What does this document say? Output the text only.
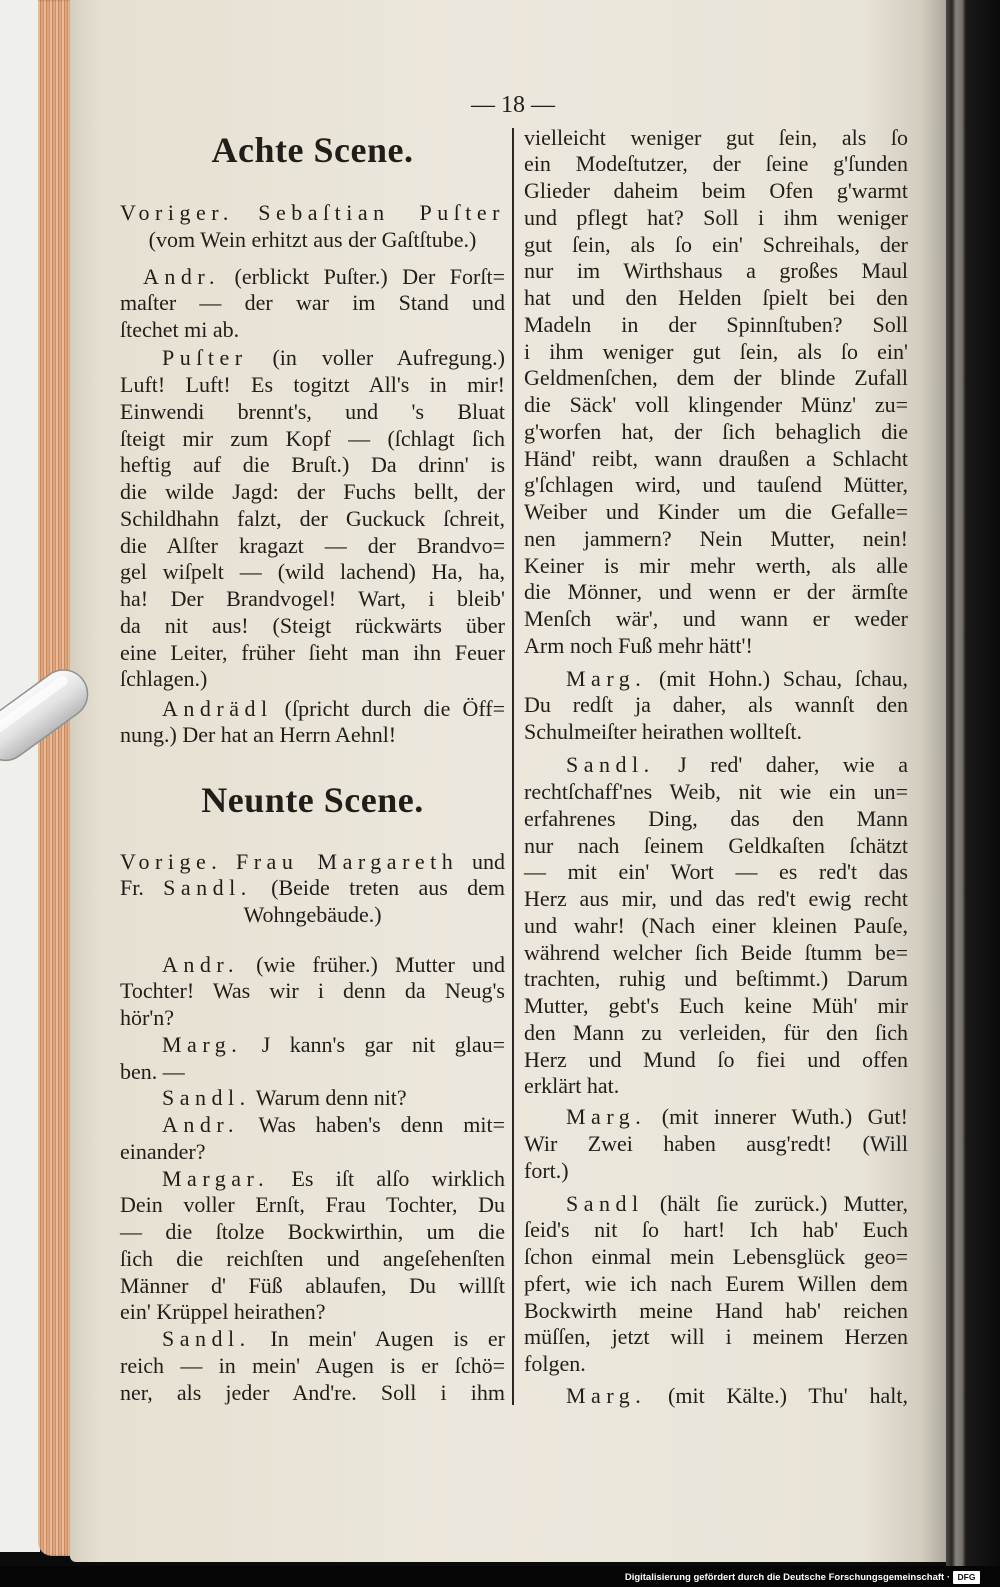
— 18 —
Achte Scene.
Voriger. Sebaſtian Puſter
(vom Wein erhitzt aus der Gaſtſtube.)
Andr. (erblickt Puſter.) Der Forſt=
maſter — der war im Stand und
ſtechet mi ab.
Puſter (in voller Aufregung.)
Luft! Luft! Es togitzt All's in mir!
Einwendi brennt's, und 's Bluat
ſteigt mir zum Kopf — (ſchlagt ſich
heftig auf die Bruſt.) Da drinn' is
die wilde Jagd: der Fuchs bellt, der
Schildhahn falzt, der Guckuck ſchreit,
die Alſter kragazt — der Brandvo=
gel wiſpelt — (wild lachend) Ha, ha,
ha! Der Brandvogel! Wart, i bleib'
da nit aus! (Steigt rückwärts über
eine Leiter, früher ſieht man ihn Feuer
ſchlagen.)
Andrädl (ſpricht durch die Öff=
nung.) Der hat an Herrn Aehnl!
Neunte Scene.
Vorige. Frau Margareth und
Fr. Sandl. (Beide treten aus dem
Wohngebäude.)
Andr. (wie früher.) Mutter und
Tochter! Was wir i denn da Neug's
hör'n?
Marg. J kann's gar nit glau=
ben. —
Sandl. Warum denn nit?
Andr. Was haben's denn mit=
einander?
Margar. Es iſt alſo wirklich
Dein voller Ernſt, Frau Tochter, Du
— die ſtolze Bockwirthin, um die
ſich die reichſten und angeſehenſten
Männer d' Füß ablaufen, Du willſt
ein' Krüppel heirathen?
Sandl. In mein' Augen is er
reich — in mein' Augen is er ſchö=
ner, als jeder And're. Soll i ihm
vielleicht weniger gut ſein, als ſo
ein Modeſtutzer, der ſeine g'ſunden
Glieder daheim beim Ofen g'warmt
und pflegt hat? Soll i ihm weniger
gut ſein, als ſo ein' Schreihals, der
nur im Wirthshaus a großes Maul
hat und den Helden ſpielt bei den
Madeln in der Spinnſtuben? Soll
i ihm weniger gut ſein, als ſo ein'
Geldmenſchen, dem der blinde Zufall
die Säck' voll klingender Münz' zu=
g'worfen hat, der ſich behaglich die
Händ' reibt, wann draußen a Schlacht
g'ſchlagen wird, und tauſend Mütter,
Weiber und Kinder um die Gefalle=
nen jammern? Nein Mutter, nein!
Keiner is mir mehr werth, als alle
die Mönner, und wenn er der ärmſte
Menſch wär', und wann er weder
Arm noch Fuß mehr hätt'!
Marg. (mit Hohn.) Schau, ſchau,
Du redſt ja daher, als wannſt den
Schulmeiſter heirathen wollteſt.
Sandl. J red' daher, wie a
rechtſchaff'nes Weib, nit wie ein un=
erfahrenes Ding, das den Mann
nur nach ſeinem Geldkaſten ſchätzt
— mit ein' Wort — es red't das
Herz aus mir, und das red't ewig recht
und wahr! (Nach einer kleinen Pauſe,
während welcher ſich Beide ſtumm be=
trachten, ruhig und beſtimmt.) Darum
Mutter, gebt's Euch keine Müh' mir
den Mann zu verleiden, für den ſich
Herz und Mund ſo fiei und offen
erklärt hat.
Marg. (mit innerer Wuth.) Gut!
Wir Zwei haben ausg'redt! (Will
fort.)
Sandl (hält ſie zurück.) Mutter,
ſeid's nit ſo hart! Ich hab' Euch
ſchon einmal mein Lebensglück geo=
pfert, wie ich nach Eurem Willen dem
Bockwirth meine Hand hab' reichen
müſſen, jetzt will i meinem Herzen
folgen.
Marg. (mit Kälte.) Thu' halt,
Digitalisierung gefördert durch die Deutsche Forschungsgemeinschaft · DFG
